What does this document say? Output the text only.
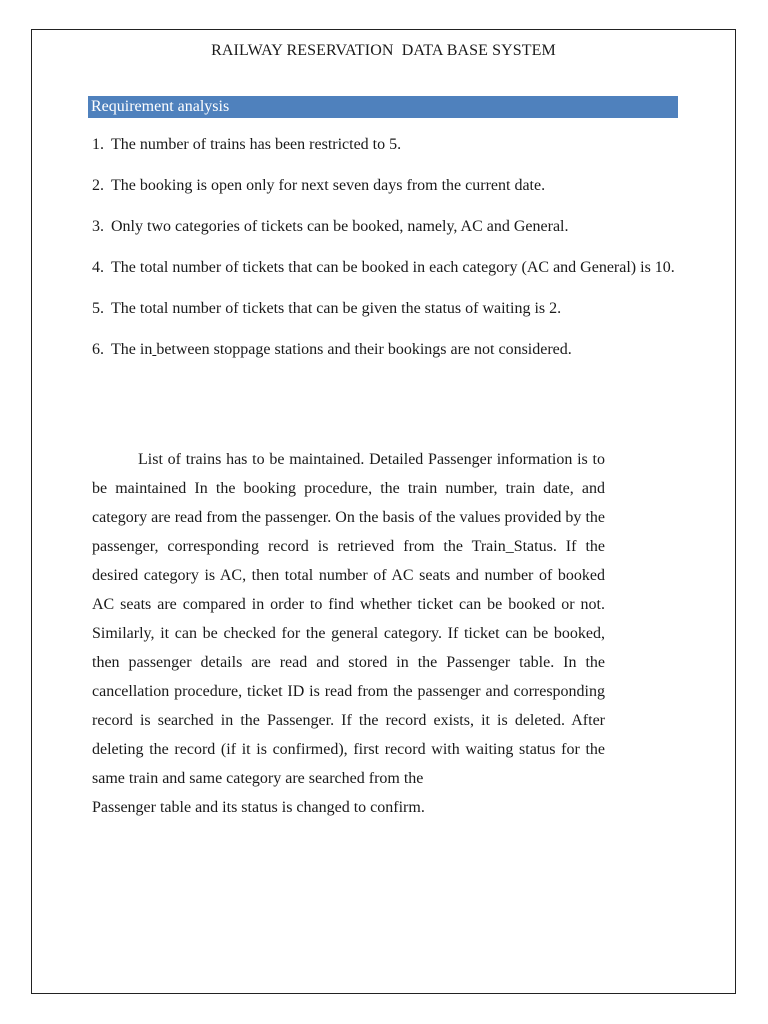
RAILWAY RESERVATION  DATA BASE SYSTEM
Requirement analysis
1. The number of trains has been restricted to 5.
2. The booking is open only for next seven days from the current date.
3. Only two categories of tickets can be booked, namely, AC and General.
4. The total number of tickets that can be booked in each category (AC and General) is 10.
5. The total number of tickets that can be given the status of waiting is 2.
6. The in between stoppage stations and their bookings are not considered.

List of trains has to be maintained. Detailed Passenger information is to be maintained In the booking procedure, the train number, train date, and category are read from the passenger. On the basis of the values provided by the passenger, corresponding record is retrieved from the Train_Status. If the desired category is AC, then total number of AC seats and number of booked AC seats are compared in order to find whether ticket can be booked or not. Similarly, it can be checked for the general category. If ticket can be booked, then passenger details are read and stored in the Passenger table. In the cancellation procedure, ticket ID is read from the passenger and corresponding record is searched in the Passenger. If the record exists, it is deleted. After deleting the record (if it is confirmed), first record with waiting status for the same train and same category are searched from the

Passenger table and its status is changed to confirm.
